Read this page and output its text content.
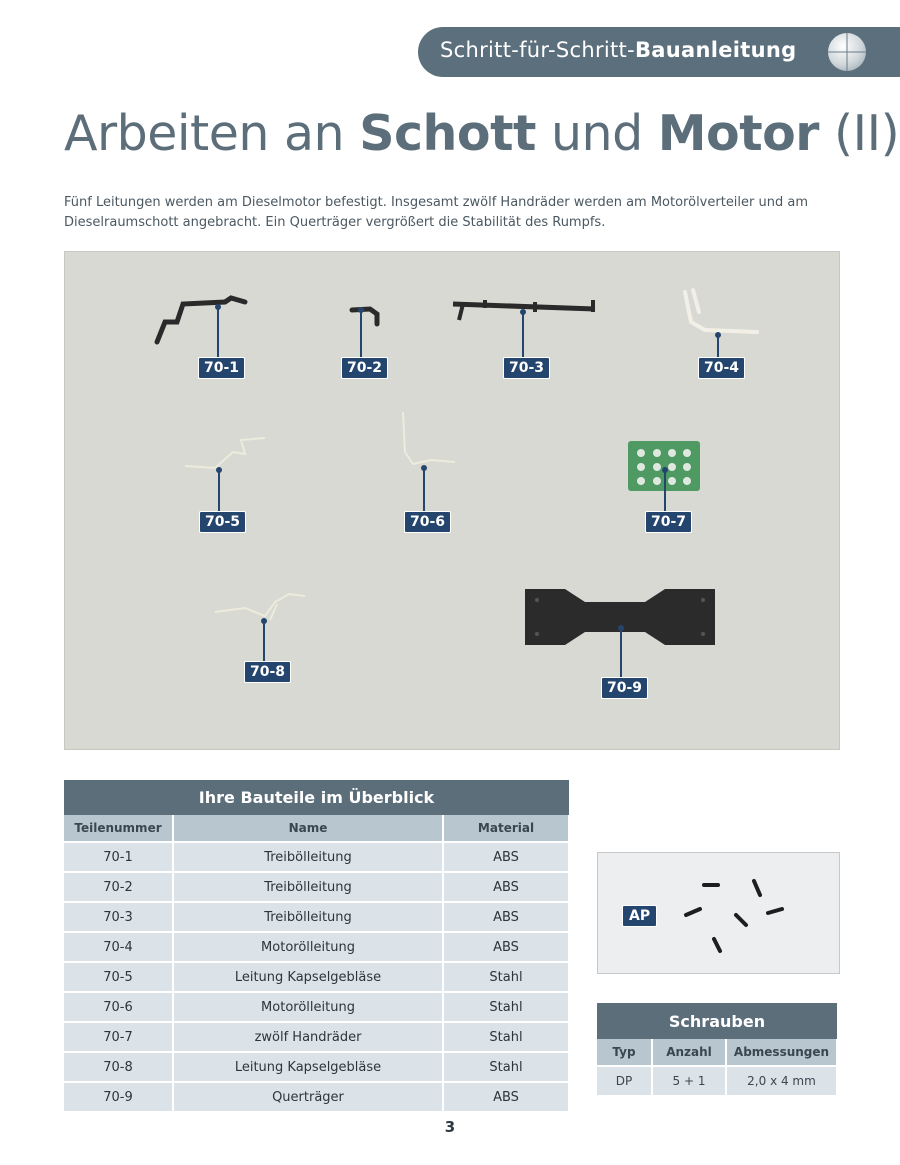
Schritt-für-Schritt-Bauanleitung
Arbeiten an Schott und Motor (II)
Fünf Leitungen werden am Dieselmotor befestigt. Insgesamt zwölf Handräder werden am Motorölverteiler und am Dieselraumschott angebracht. Ein Querträger vergrößert die Stabilität des Rumpfs.
70-1	70-2	70-3	70-4
70-5	70-6	70-7
70-8
70-9
Ihre Bauteile im Überblick		
Teilenummer	Name	Material
70-1	Treibölleitung	ABS
70-2	Treibölleitung	ABS
70-3	Treibölleitung	ABS
70-4	Motorölleitung	ABS
70-5	Leitung Kapselgebläse	Stahl
70-6	Motorölleitung	Stahl
70-7	zwölf Handräder	Stahl
70-8	Leitung Kapselgebläse	Stahl
70-9	Querträger	ABS
AP
Schrauben		
Typ	Anzahl	Abmessungen
DP	5 + 1	2,0 x 4 mm
3
